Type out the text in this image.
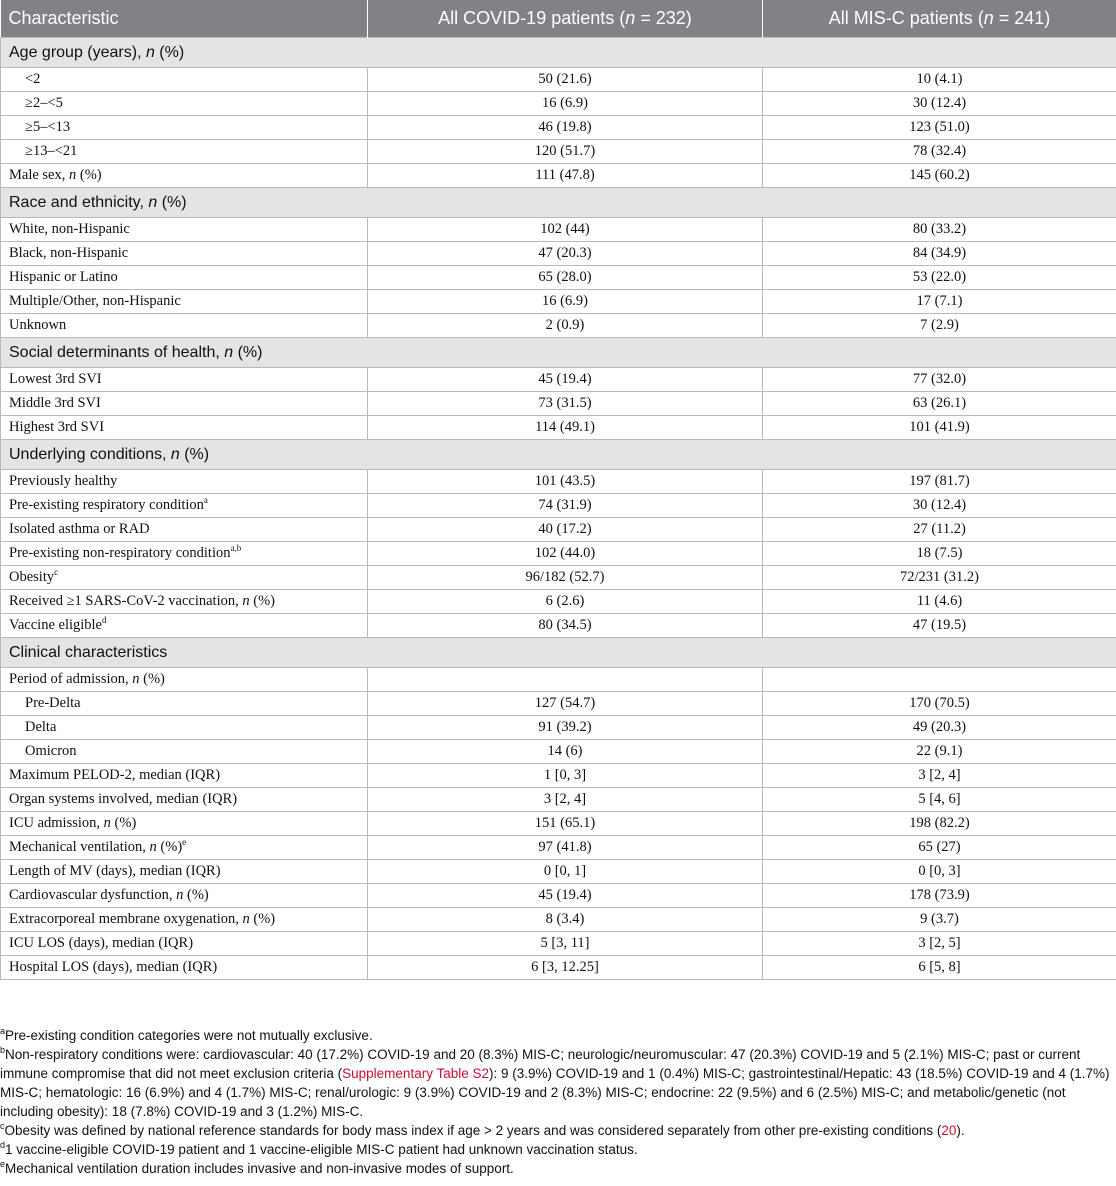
Characteristic	All COVID-19 patients (n = 232)	All MIS-C patients (n = 241)
Age group (years), n (%)		
<2	50 (21.6)	10 (4.1)
≥2–<5	16 (6.9)	30 (12.4)
≥5–<13	46 (19.8)	123 (51.0)
≥13–<21	120 (51.7)	78 (32.4)
Male sex, n (%)	111 (47.8)	145 (60.2)
Race and ethnicity, n (%)		
White, non-Hispanic	102 (44)	80 (33.2)
Black, non-Hispanic	47 (20.3)	84 (34.9)
Hispanic or Latino	65 (28.0)	53 (22.0)
Multiple/Other, non-Hispanic	16 (6.9)	17 (7.1)
Unknown	2 (0.9)	7 (2.9)
Social determinants of health, n (%)		
Lowest 3rd SVI	45 (19.4)	77 (32.0)
Middle 3rd SVI	73 (31.5)	63 (26.1)
Highest 3rd SVI	114 (49.1)	101 (41.9)
Underlying conditions, n (%)		
Previously healthy	101 (43.5)	197 (81.7)
Pre-existing respiratory condition$^a$	74 (31.9)	30 (12.4)
Isolated asthma or RAD	40 (17.2)	27 (11.2)
Pre-existing non-respiratory condition$^{a,b}$	102 (44.0)	18 (7.5)
Obesity$^c$	96/182 (52.7)	72/231 (31.2)
Received ≥1 SARS-CoV-2 vaccination, n (%)	6 (2.6)	11 (4.6)
Vaccine eligible$^d$	80 (34.5)	47 (19.5)
Clinical characteristics		
Period of admission, n (%)		
Pre-Delta	127 (54.7)	170 (70.5)
Delta	91 (39.2)	49 (20.3)
Omicron	14 (6)	22 (9.1)
Maximum PELOD-2, median (IQR)	1 [0, 3]	3 [2, 4]
Organ systems involved, median (IQR)	3 [2, 4]	5 [4, 6]
ICU admission, n (%)	151 (65.1)	198 (82.2)
Mechanical ventilation, n (%)$^e$	97 (41.8)	65 (27)
Length of MV (days), median (IQR)	0 [0, 1]	0 [0, 3]
Cardiovascular dysfunction, n (%)	45 (19.4)	178 (73.9)
Extracorporeal membrane oxygenation, n (%)	8 (3.4)	9 (3.7)
ICU LOS (days), median (IQR)	5 [3, 11]	3 [2, 5]
Hospital LOS (days), median (IQR)	6 [3, 12.25]	6 [5, 8]

$^a$Pre-existing condition categories were not mutually exclusive.

$^b$Non-respiratory conditions were: cardiovascular: 40 (17.2%) COVID-19 and 20 (8.3%) MIS-C; neurologic/neuromuscular: 47 (20.3%) COVID-19 and 5 (2.1%) MIS-C; past or current immune compromise that did not meet exclusion criteria (Supplementary Table S2): 9 (3.9%) COVID-19 and 1 (0.4%) MIS-C; gastrointestinal/Hepatic: 43 (18.5%) COVID-19 and 4 (1.7%) MIS-C; hematologic: 16 (6.9%) and 4 (1.7%) MIS-C; renal/urologic: 9 (3.9%) COVID-19 and 2 (8.3%) MIS-C; endocrine: 22 (9.5%) and 6 (2.5%) MIS-C; and metabolic/genetic (not including obesity): 18 (7.8%) COVID-19 and 3 (1.2%) MIS-C.

$^c$Obesity was defined by national reference standards for body mass index if age > 2 years and was considered separately from other pre-existing conditions (20).

$^d$1 vaccine-eligible COVID-19 patient and 1 vaccine-eligible MIS-C patient had unknown vaccination status.

$^e$Mechanical ventilation duration includes invasive and non-invasive modes of support.
